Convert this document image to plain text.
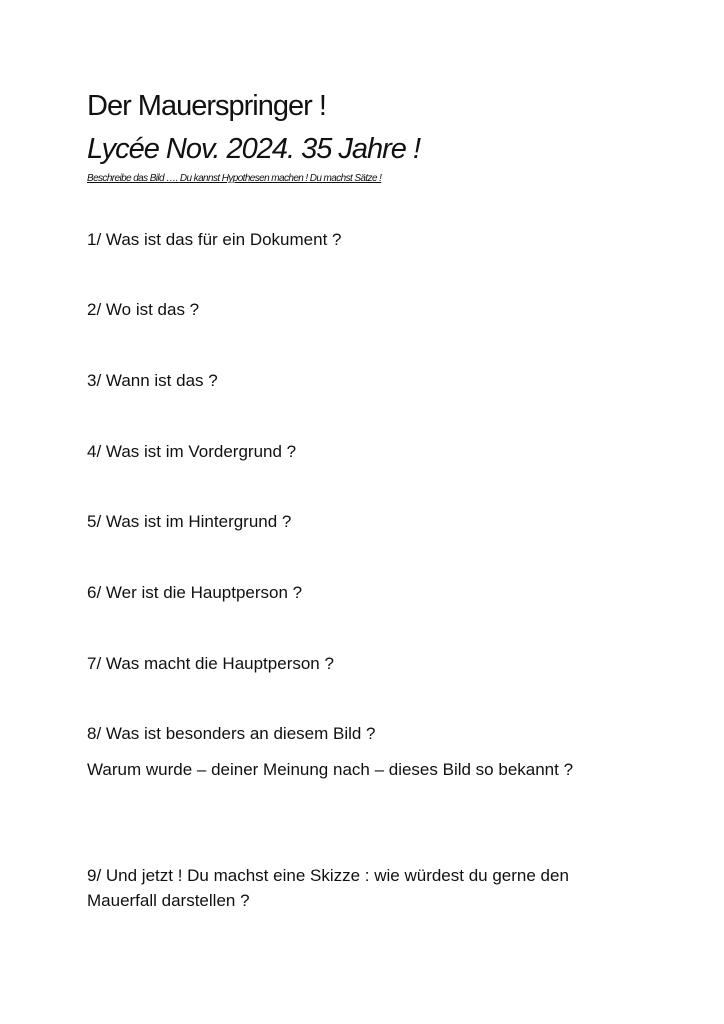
Der Mauerspringer !
Lycée Nov. 2024. 35 Jahre !

Beschreibe das Bild …. Du kannst Hypothesen machen ! Du machst Sätze !

1/ Was ist das für ein Dokument ?

2/ Wo ist das ?

3/ Wann ist das ?

4/ Was ist im Vordergrund ?

5/ Was ist im Hintergrund ?

6/ Wer ist die Hauptperson ?

7/ Was macht die Hauptperson ?

8/ Was ist besonders an diesem Bild ?

Warum wurde – deiner Meinung nach – dieses Bild so bekannt ?

9/ Und jetzt ! Du machst eine Skizze : wie würdest du gerne den Mauerfall darstellen ?
